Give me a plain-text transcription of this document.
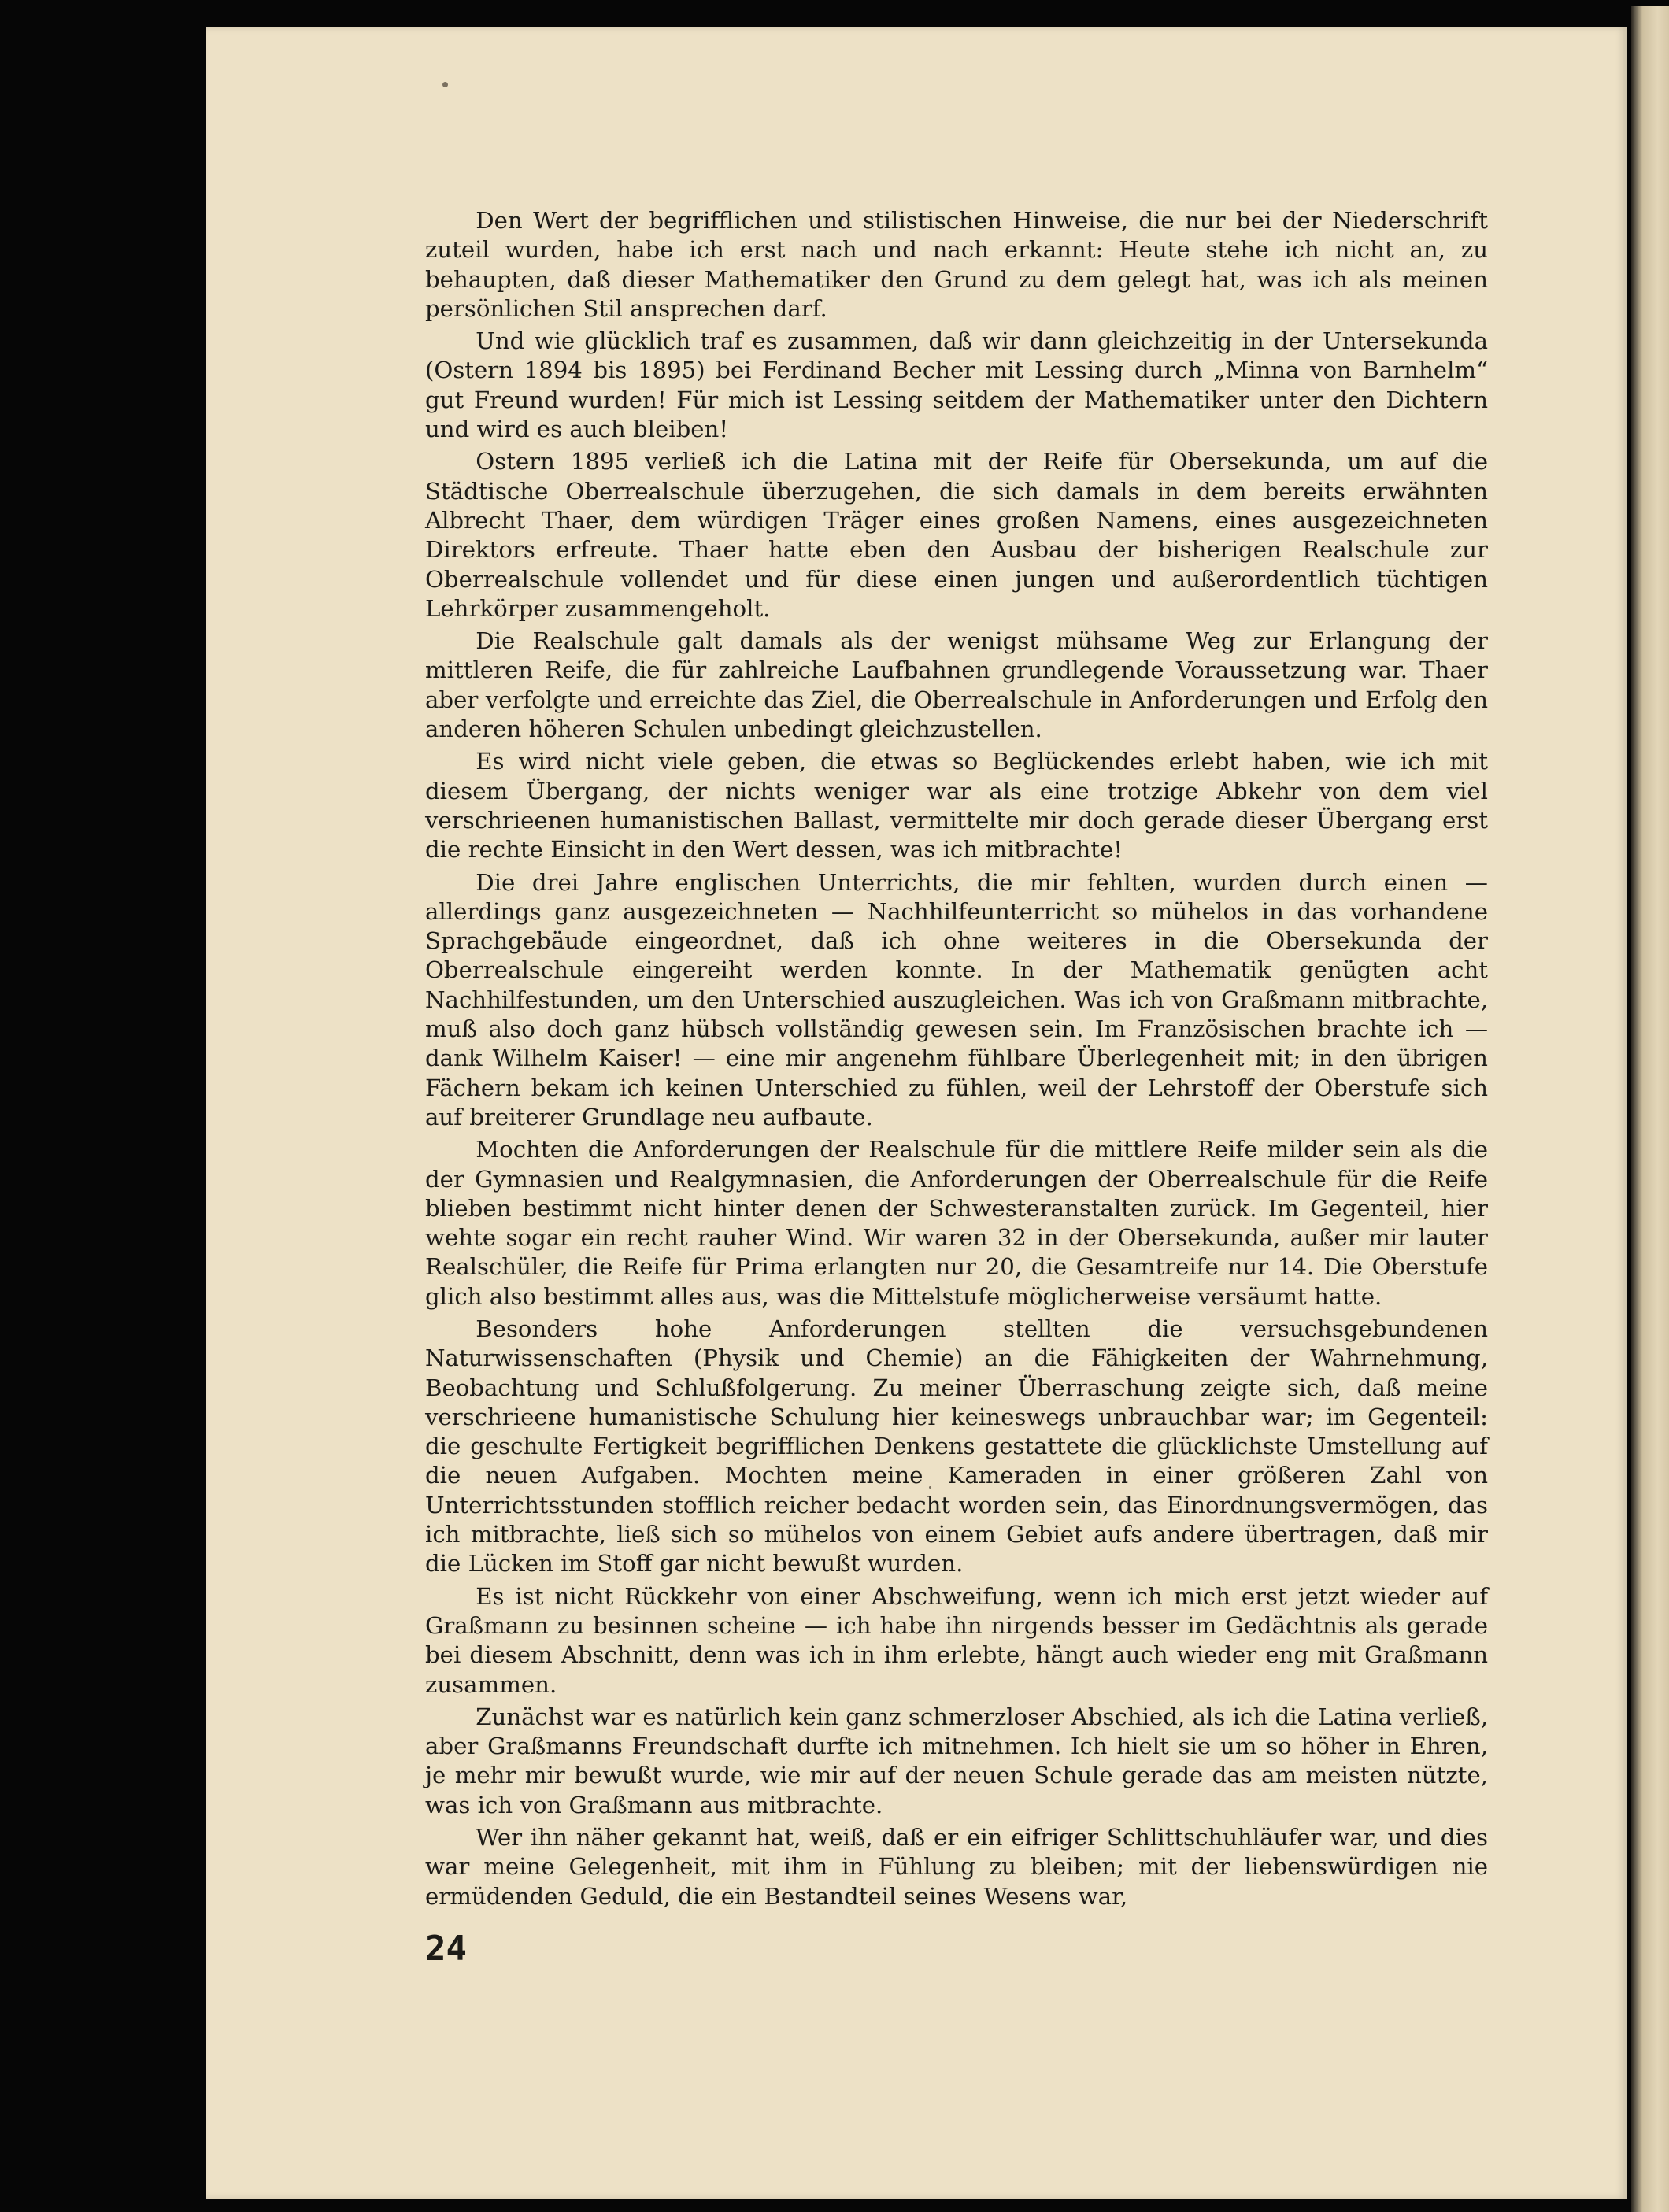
Den Wert der begrifflichen und stilistischen Hinweise, die nur bei der Niederschrift zuteil wurden, habe ich erst nach und nach erkannt: Heute stehe ich nicht an, zu behaupten, daß dieser Mathematiker den Grund zu dem gelegt hat, was ich als meinen persönlichen Stil ansprechen darf.

Und wie glücklich traf es zusammen, daß wir dann gleichzeitig in der Untersekunda (Ostern 1894 bis 1895) bei Ferdinand Becher mit Lessing durch „Minna von Barnhelm“ gut Freund wurden! Für mich ist Lessing seitdem der Mathematiker unter den Dichtern und wird es auch bleiben!

Ostern 1895 verließ ich die Latina mit der Reife für Obersekunda, um auf die Städtische Oberrealschule überzugehen, die sich damals in dem bereits erwähnten Albrecht Thaer, dem würdigen Träger eines großen Namens, eines ausgezeichneten Direktors erfreute. Thaer hatte eben den Ausbau der bisherigen Realschule zur Oberrealschule vollendet und für diese einen jungen und außerordentlich tüchtigen Lehrkörper zusammengeholt.

Die Realschule galt damals als der wenigst mühsame Weg zur Erlangung der mittleren Reife, die für zahlreiche Laufbahnen grundlegende Voraussetzung war. Thaer aber verfolgte und erreichte das Ziel, die Oberrealschule in Anforderungen und Erfolg den anderen höheren Schulen unbedingt gleichzustellen.

Es wird nicht viele geben, die etwas so Beglückendes erlebt haben, wie ich mit diesem Übergang, der nichts weniger war als eine trotzige Abkehr von dem viel verschrieenen humanistischen Ballast, vermittelte mir doch gerade dieser Übergang erst die rechte Einsicht in den Wert dessen, was ich mitbrachte!

Die drei Jahre englischen Unterrichts, die mir fehlten, wurden durch einen — allerdings ganz ausgezeichneten — Nachhilfeunterricht so mühelos in das vorhandene Sprachgebäude eingeordnet, daß ich ohne weiteres in die Obersekunda der Oberrealschule eingereiht werden konnte. In der Mathematik genügten acht Nachhilfestunden, um den Unterschied auszugleichen. Was ich von Graßmann mitbrachte, muß also doch ganz hübsch vollständig gewesen sein. Im Französischen brachte ich — dank Wilhelm Kaiser! — eine mir angenehm fühlbare Überlegenheit mit; in den übrigen Fächern bekam ich keinen Unterschied zu fühlen, weil der Lehrstoff der Oberstufe sich auf breiterer Grundlage neu aufbaute.

Mochten die Anforderungen der Realschule für die mittlere Reife milder sein als die der Gymnasien und Realgymnasien, die Anforderungen der Oberrealschule für die Reife blieben bestimmt nicht hinter denen der Schwesteranstalten zurück. Im Gegenteil, hier wehte sogar ein recht rauher Wind. Wir waren 32 in der Obersekunda, außer mir lauter Realschüler, die Reife für Prima erlangten nur 20, die Gesamtreife nur 14. Die Oberstufe glich also bestimmt alles aus, was die Mittelstufe möglicherweise versäumt hatte.

Besonders hohe Anforderungen stellten die versuchsgebundenen Naturwissenschaften (Physik und Chemie) an die Fähigkeiten der Wahrnehmung, Beobachtung und Schlußfolgerung. Zu meiner Überraschung zeigte sich, daß meine verschrieene humanistische Schulung hier keineswegs unbrauchbar war; im Gegenteil: die geschulte Fertigkeit begrifflichen Denkens gestattete die glücklichste Umstellung auf die neuen Aufgaben. Mochten meine Kameraden in einer größeren Zahl von Unterrichtsstunden stofflich reicher bedacht worden sein, das Einordnungsvermögen, das ich mitbrachte, ließ sich so mühelos von einem Gebiet aufs andere übertragen, daß mir die Lücken im Stoff gar nicht bewußt wurden.

Es ist nicht Rückkehr von einer Abschweifung, wenn ich mich erst jetzt wieder auf Graßmann zu besinnen scheine — ich habe ihn nirgends besser im Gedächtnis als gerade bei diesem Abschnitt, denn was ich in ihm erlebte, hängt auch wieder eng mit Graßmann zusammen.

Zunächst war es natürlich kein ganz schmerzloser Abschied, als ich die Latina verließ, aber Graßmanns Freundschaft durfte ich mitnehmen. Ich hielt sie um so höher in Ehren, je mehr mir bewußt wurde, wie mir auf der neuen Schule gerade das am meisten nützte, was ich von Graßmann aus mitbrachte.

Wer ihn näher gekannt hat, weiß, daß er ein eifriger Schlittschuhläufer war, und dies war meine Gelegenheit, mit ihm in Fühlung zu bleiben; mit der liebenswürdigen nie ermüdenden Geduld, die ein Bestandteil seines Wesens war,

24
